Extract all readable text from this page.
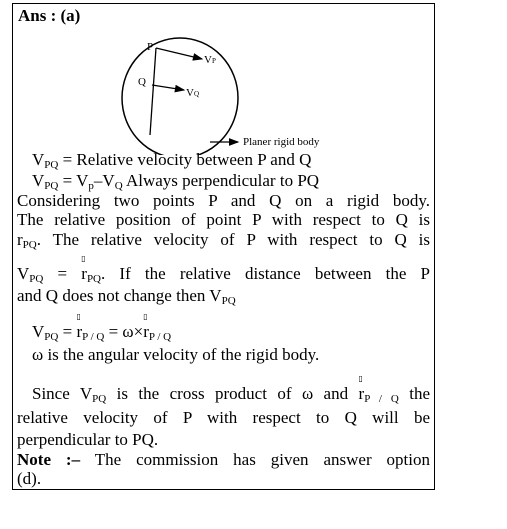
Ans : (a)
P
Q
VP
VQ
Planer rigid body
$V_{PQ}$ = Relative velocity between P and Q
$V_{PQ} = V_p-V_Q$ Always perpendicular to PQ
Considering two points P and Q on a rigid body.
The relative position of point P with respect to Q is
$r_{PQ}$. The relative velocity of P with respect to Q is
$V_{PQ}$ =
▯
$r_{PQ}$. If the relative distance between the P
and Q does not change then $V_{PQ}$
$V_{PQ}$ =
▯
$r_{P / Q} = \omega\times$
▯
$r_{P / Q}$
ω is the angular velocity of the rigid body.
Since $V_{PQ}$ is the cross product of ω and
▯
$r_{P / Q}$ the
relative velocity of P with respect to Q will be
perpendicular to PQ.
Note :– The commission has given answer option
(d).
